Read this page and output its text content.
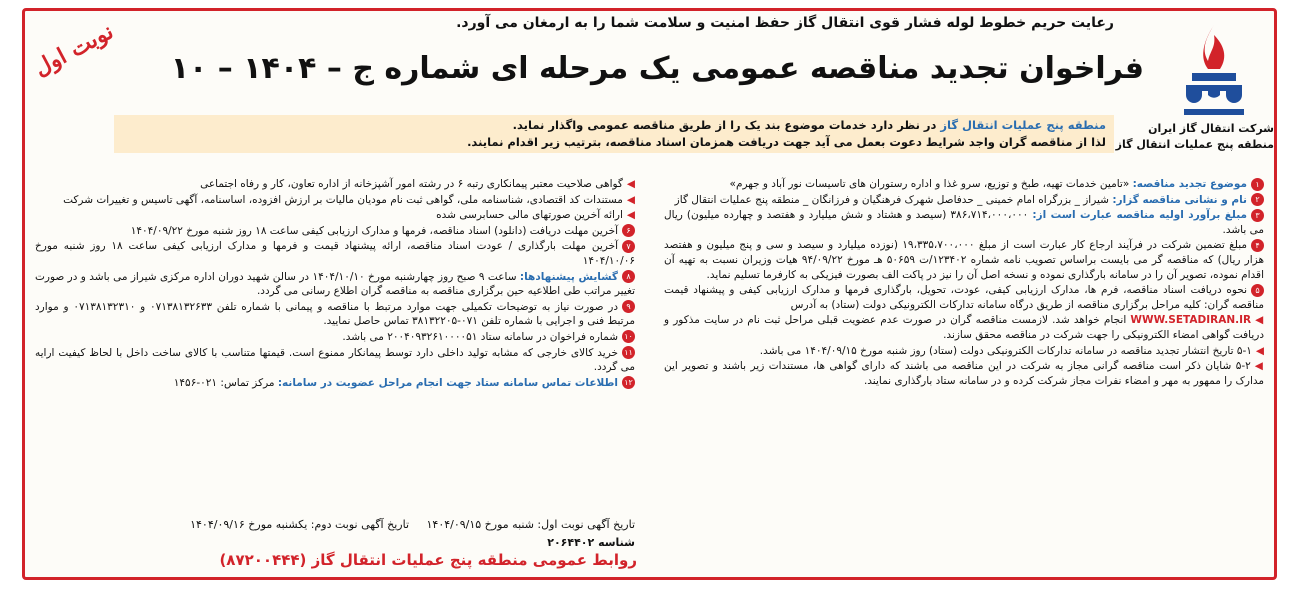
شرکت انتقال گاز ایران
منطقه پنج عملیات انتقال گاز
رعایت حریم خطوط لوله فشار قوی انتقال گاز حفظ امنیت و سلامت شما را به ارمغان می آورد.
فراخوان تجدید مناقصه عمومی یک مرحله ای شماره ج – ۱۴۰۴ – ۱۰
نوبت اول
منطقه پنج عملیات انتقال گاز در نظر دارد خدمات موضوع بند یک را از طریق مناقصه عمومی واگذار نماید.
لذا از مناقصه گران واجد شرایط دعوت بعمل می آید جهت دریافت همزمان اسناد مناقصه، بترتیب زیر اقدام نمایند.
۱موضوع تجدید مناقصه: «تامین خدمات تهیه، طبخ و توزیع، سرو غذا و اداره رستوران های تاسیسات نور آباد و جهرم»
۲نام و نشانی مناقصه گزار: شیراز _ بزرگراه امام خمینی _ حدفاصل شهرک فرهنگیان و فرزانگان _ منطقه پنج عملیات انتقال گاز
۳مبلغ برآورد اولیه مناقصه عبارت است از: ۳۸۶،۷۱۴،۰۰۰،۰۰۰ (سیصد و هشتاد و شش میلیارد و هفتصد و چهارده میلیون) ریال می باشد.
۴مبلغ تضمین شرکت در فرآیند ارجاع کار عبارت است از مبلغ ۱۹،۳۳۵،۷۰۰،۰۰۰ (نوزده میلیارد و سیصد و سی و پنج میلیون و هفتصد هزار ریال) که مناقصه گر می بایست براساس تصویب نامه شماره ۱۲۳۴۰۲/ت ۵۰۶۵۹ هـ مورخ ۹۴/۰۹/۲۲ هیات وزیران نسبت به تهیه آن اقدام نموده، تصویر آن را در سامانه بارگذاری نموده و نسخه اصل آن را نیز در پاکت الف بصورت فیزیکی به کارفرما تسلیم نماید.
۵نحوه دریافت اسناد مناقصه، فرم ها، مدارک ارزیابی کیفی، عودت، تحویل، بارگذاری فرمها و مدارک ارزیابی کیفی و پیشنهاد قیمت مناقصه گران: کلیه مراحل برگزاری مناقصه از طریق درگاه سامانه تدارکات الکترونیکی دولت (ستاد) به آدرس
◀WWW.SETADIRAN.IR انجام خواهد شد. لازمست مناقصه گران در صورت عدم عضویت قبلی مراحل ثبت نام در سایت مذکور و دریافت گواهی امضاء الکترونیکی را جهت شرکت در مناقصه محقق سازند.
◀۵-۱ تاریخ انتشار تجدید مناقصه در سامانه تدارکات الکترونیکی دولت (ستاد) روز شنبه مورخ ۱۴۰۴/۰۹/۱۵ می باشد.
◀۵-۲ شایان ذکر است مناقصه گرانی مجاز به شرکت در این مناقصه می باشند که دارای گواهی ها، مستندات زیر باشند و تصویر این مدارک را ممهور به مهر و امضاء نفرات مجاز شرکت کرده و در سامانه ستاد بارگذاری نمایند.
◀گواهی صلاحیت معتبر پیمانکاری رتبه ۶ در رشته امور آشپزخانه از اداره تعاون، کار و رفاه اجتماعی
◀مستندات کد اقتصادی، شناسنامه ملی، گواهی ثبت نام مودیان مالیات بر ارزش افزوده، اساسنامه، آگهی تاسیس و تغییرات شرکت
◀ارائه آخرین صورتهای مالی حسابرسی شده
۶آخرین مهلت دریافت (دانلود) اسناد مناقصه، فرمها و مدارک ارزیابی کیفی ساعت ۱۸ روز شنبه مورخ ۱۴۰۴/۰۹/۲۲
۷آخرین مهلت بارگذاری / عودت اسناد مناقصه، ارائه پیشنهاد قیمت و فرمها و مدارک ارزیابی کیفی ساعت ۱۸ روز شنبه مورخ ۱۴۰۴/۱۰/۰۶
۸گشایش پیشنهادها: ساعت ۹ صبح روز چهارشنبه مورخ ۱۴۰۴/۱۰/۱۰ در سالن شهید دوران اداره مرکزی شیراز می باشد و در صورت تغییر مراتب طی اطلاعیه حین برگزاری مناقصه به مناقصه گران اطلاع رسانی می گردد.
۹در صورت نیاز به توضیحات تکمیلی جهت موارد مرتبط با مناقصه و پیمانی با شماره تلفن ۰۷۱۳۸۱۳۲۶۳۳ و ۰۷۱۳۸۱۳۲۳۱۰ و موارد مرتبط فنی و اجرایی با شماره تلفن ۰۷۱-۳۸۱۳۲۲۰۵ تماس حاصل نمایید.
۱۰شماره فراخوان در سامانه ستاد ۲۰۰۴۰۹۳۲۶۱۰۰۰۰۵۱ می باشد.
۱۱خرید کالای خارجی که مشابه تولید داخلی دارد توسط پیمانکار ممنوع است. قیمتها متناسب با کالای ساخت داخل با لحاظ کیفیت ارایه می گردد.
۱۲اطلاعات تماس سامانه ستاد جهت انجام مراحل عضویت در سامانه: مرکز تماس: ۰۲۱-۱۴۵۶
تاریخ آگهی نوبت اول: شنبه مورخ ۱۴۰۴/۰۹/۱۵     تاریخ آگهی نوبت دوم: یکشنبه مورخ ۱۴۰۴/۰۹/۱۶
شناسه ۲۰۶۴۴۰۲
روابط عمومی منطقه پنج عملیات انتقال گاز (۸۷۲۰۰۴۴۴)
